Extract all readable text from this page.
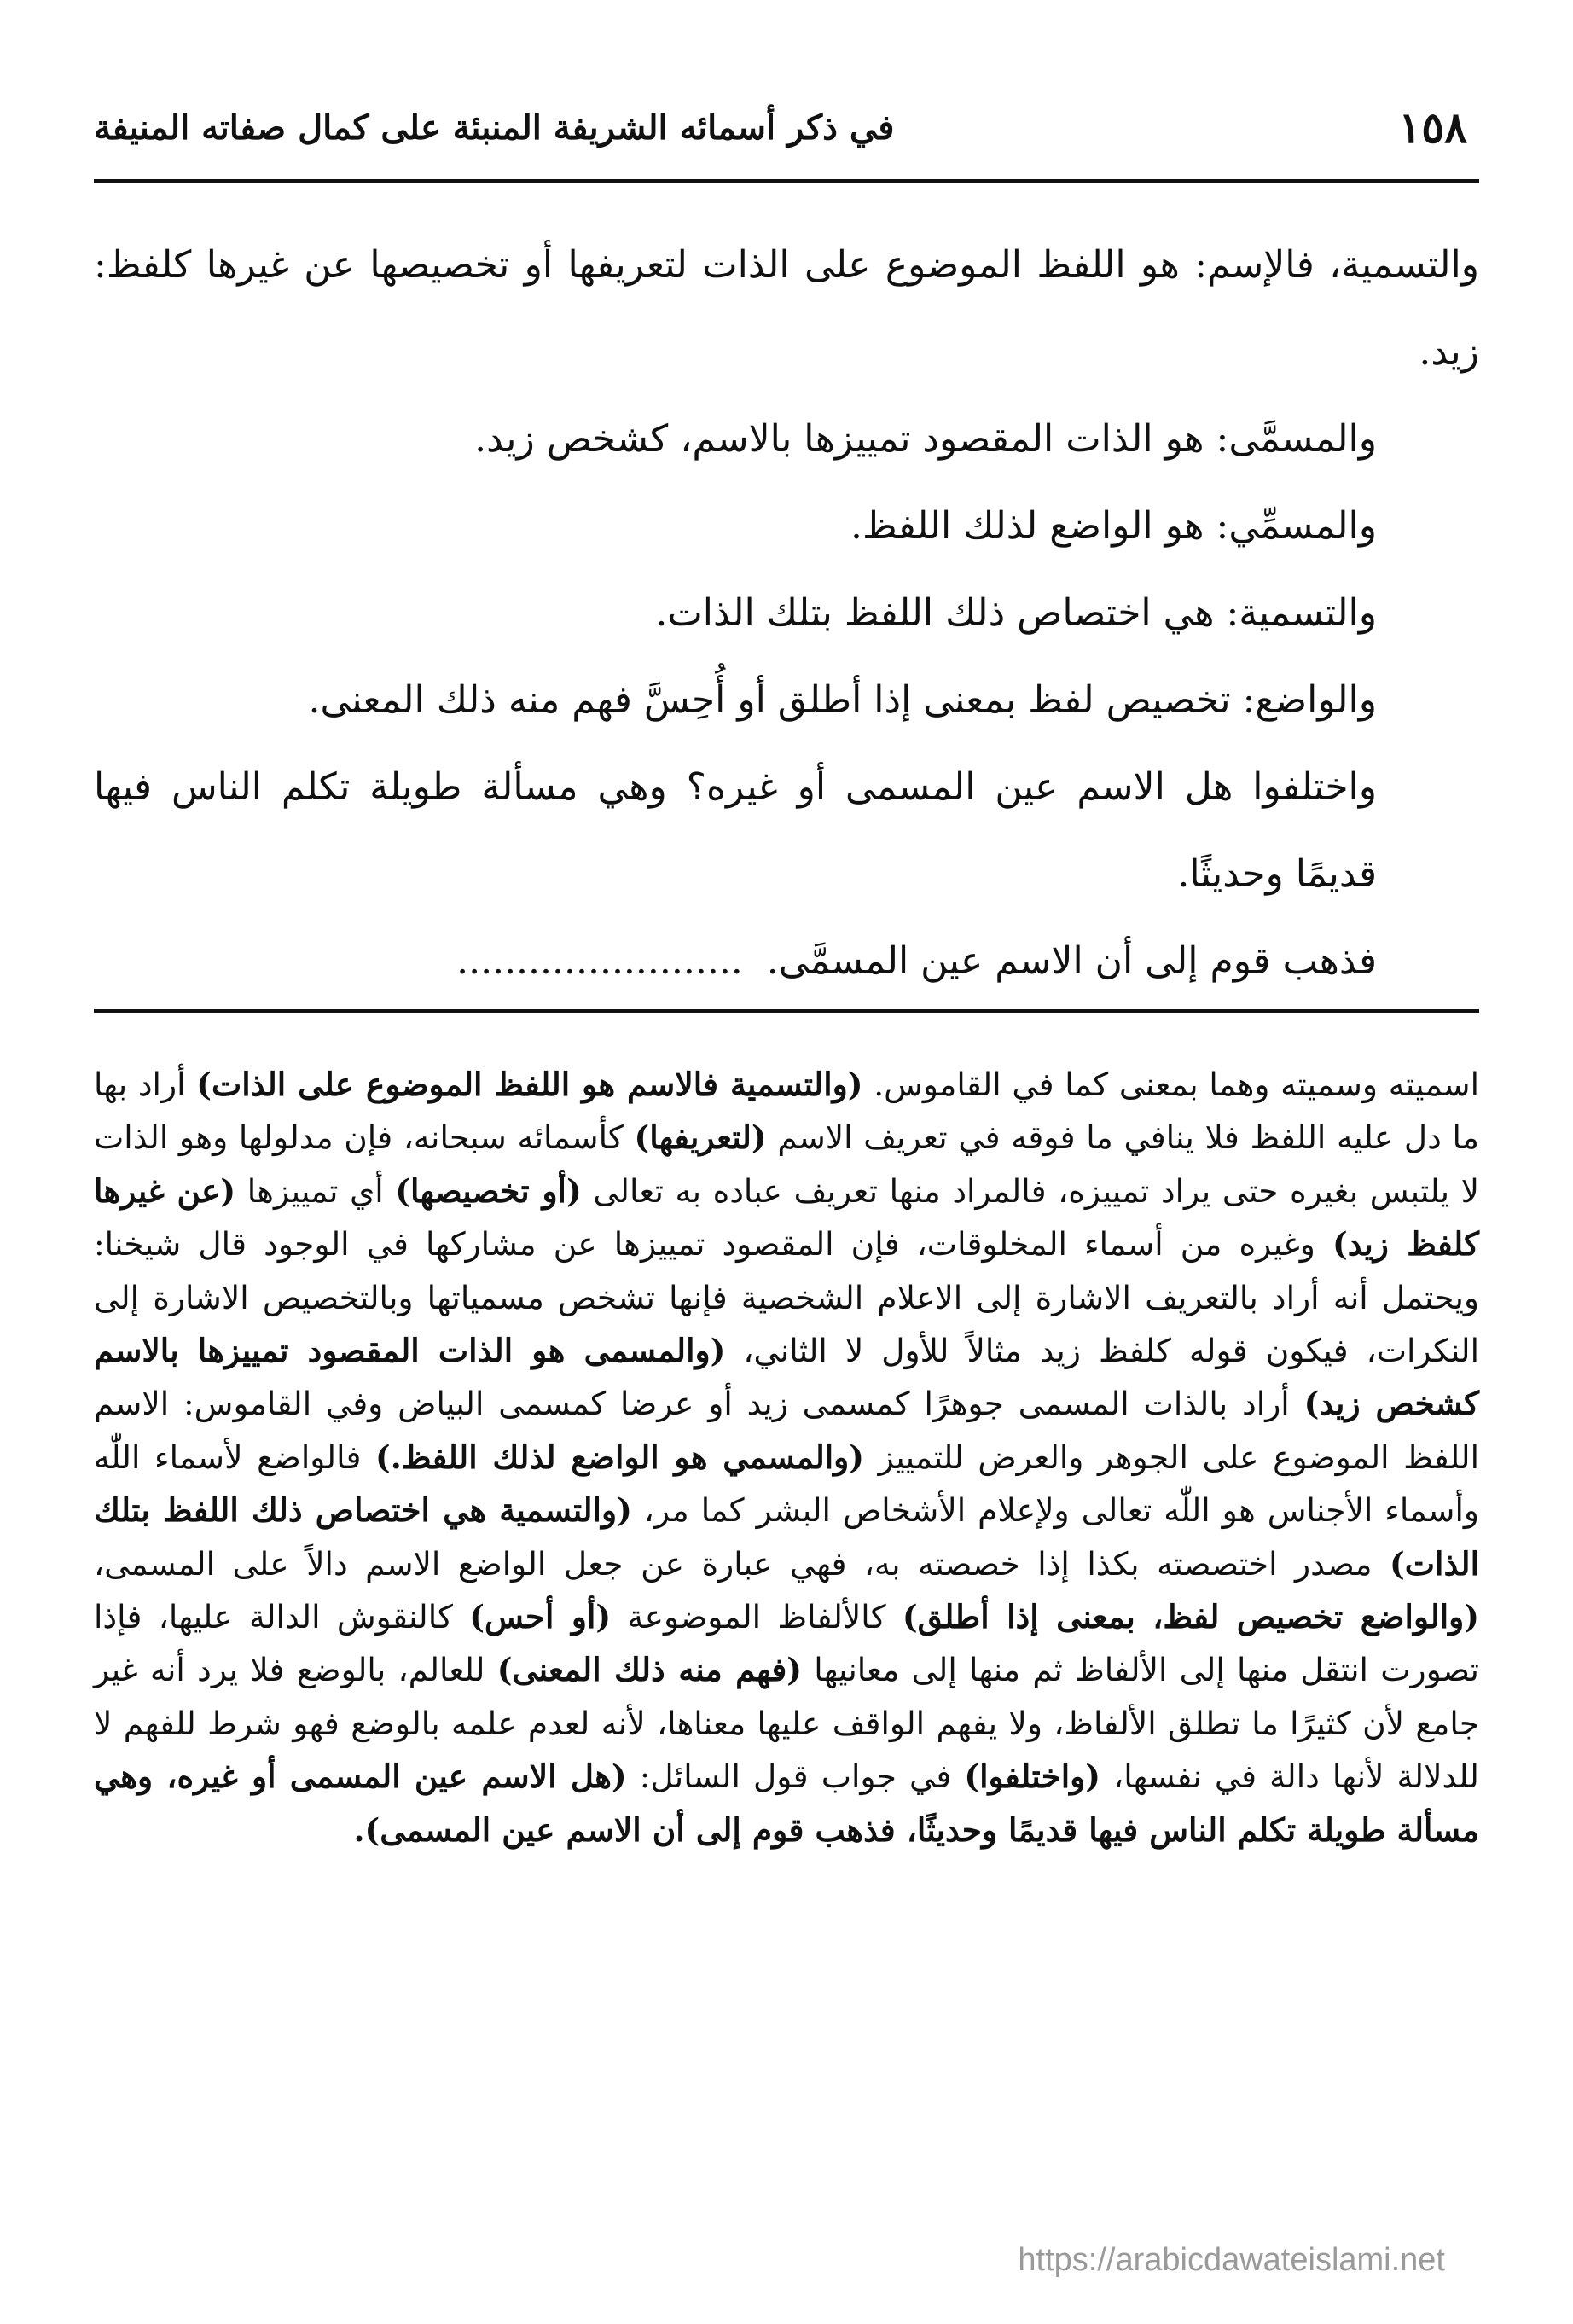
١٥٨
في ذكر أسمائه الشريفة المنبئة على كمال صفاته المنيفة

والتسمية، فالإسم: هو اللفظ الموضوع على الذات لتعريفها أو تخصيصها عن غيرها كلفظ: زيد.

والمسمَّى: هو الذات المقصود تمييزها بالاسم، كشخص زيد.

والمسمِّي: هو الواضع لذلك اللفظ.

والتسمية: هي اختصاص ذلك اللفظ بتلك الذات.

والواضع: تخصيص لفظ بمعنى إذا أطلق أو أُحِسَّ فهم منه ذلك المعنى.

واختلفوا هل الاسم عين المسمى أو غيره؟ وهي مسألة طويلة تكلم الناس فيها قديمًا وحديثًا.

فذهب قوم إلى أن الاسم عين المسمَّى.  ........................

اسميته وسميته وهما بمعنى كما في القاموس. (والتسمية فالاسم هو اللفظ الموضوع على الذات) أراد بها ما دل عليه اللفظ فلا ينافي ما فوقه في تعريف الاسم (لتعريفها) كأسمائه سبحانه، فإن مدلولها وهو الذات لا يلتبس بغيره حتى يراد تمييزه، فالمراد منها تعريف عباده به تعالى (أو تخصيصها) أي تمييزها (عن غيرها كلفظ زيد) وغيره من أسماء المخلوقات، فإن المقصود تمييزها عن مشاركها في الوجود قال شيخنا: ويحتمل أنه أراد بالتعريف الاشارة إلى الاعلام الشخصية فإنها تشخص مسمياتها وبالتخصيص الاشارة إلى النكرات، فيكون قوله كلفظ زيد مثالاً للأول لا الثاني، (والمسمى هو الذات المقصود تمييزها بالاسم كشخص زيد) أراد بالذات المسمى جوهرًا كمسمى زيد أو عرضا كمسمى البياض وفي القاموس: الاسم اللفظ الموضوع على الجوهر والعرض للتمييز (والمسمي هو الواضع لذلك اللفظ.) فالواضع لأسماء اللّٰه وأسماء الأجناس هو اللّٰه تعالى ولإعلام الأشخاص البشر كما مر، (والتسمية هي اختصاص ذلك اللفظ بتلك الذات) مصدر اختصصته بكذا إذا خصصته به، فهي عبارة عن جعل الواضع الاسم دالاً على المسمى، (والواضع تخصيص لفظ، بمعنى إذا أطلق) كالألفاظ الموضوعة (أو أحس) كالنقوش الدالة عليها، فإذا تصورت انتقل منها إلى الألفاظ ثم منها إلى معانيها (فهم منه ذلك المعنى) للعالم، بالوضع فلا يرد أنه غير جامع لأن كثيرًا ما تطلق الألفاظ، ولا يفهم الواقف عليها معناها، لأنه لعدم علمه بالوضع فهو شرط للفهم لا للدلالة لأنها دالة في نفسها، (واختلفوا) في جواب قول السائل: (هل الاسم عين المسمى أو غيره، وهي مسألة طويلة تكلم الناس فيها قديمًا وحديثًا، فذهب قوم إلى أن الاسم عين المسمى).

https://arabicdawateislami.net
